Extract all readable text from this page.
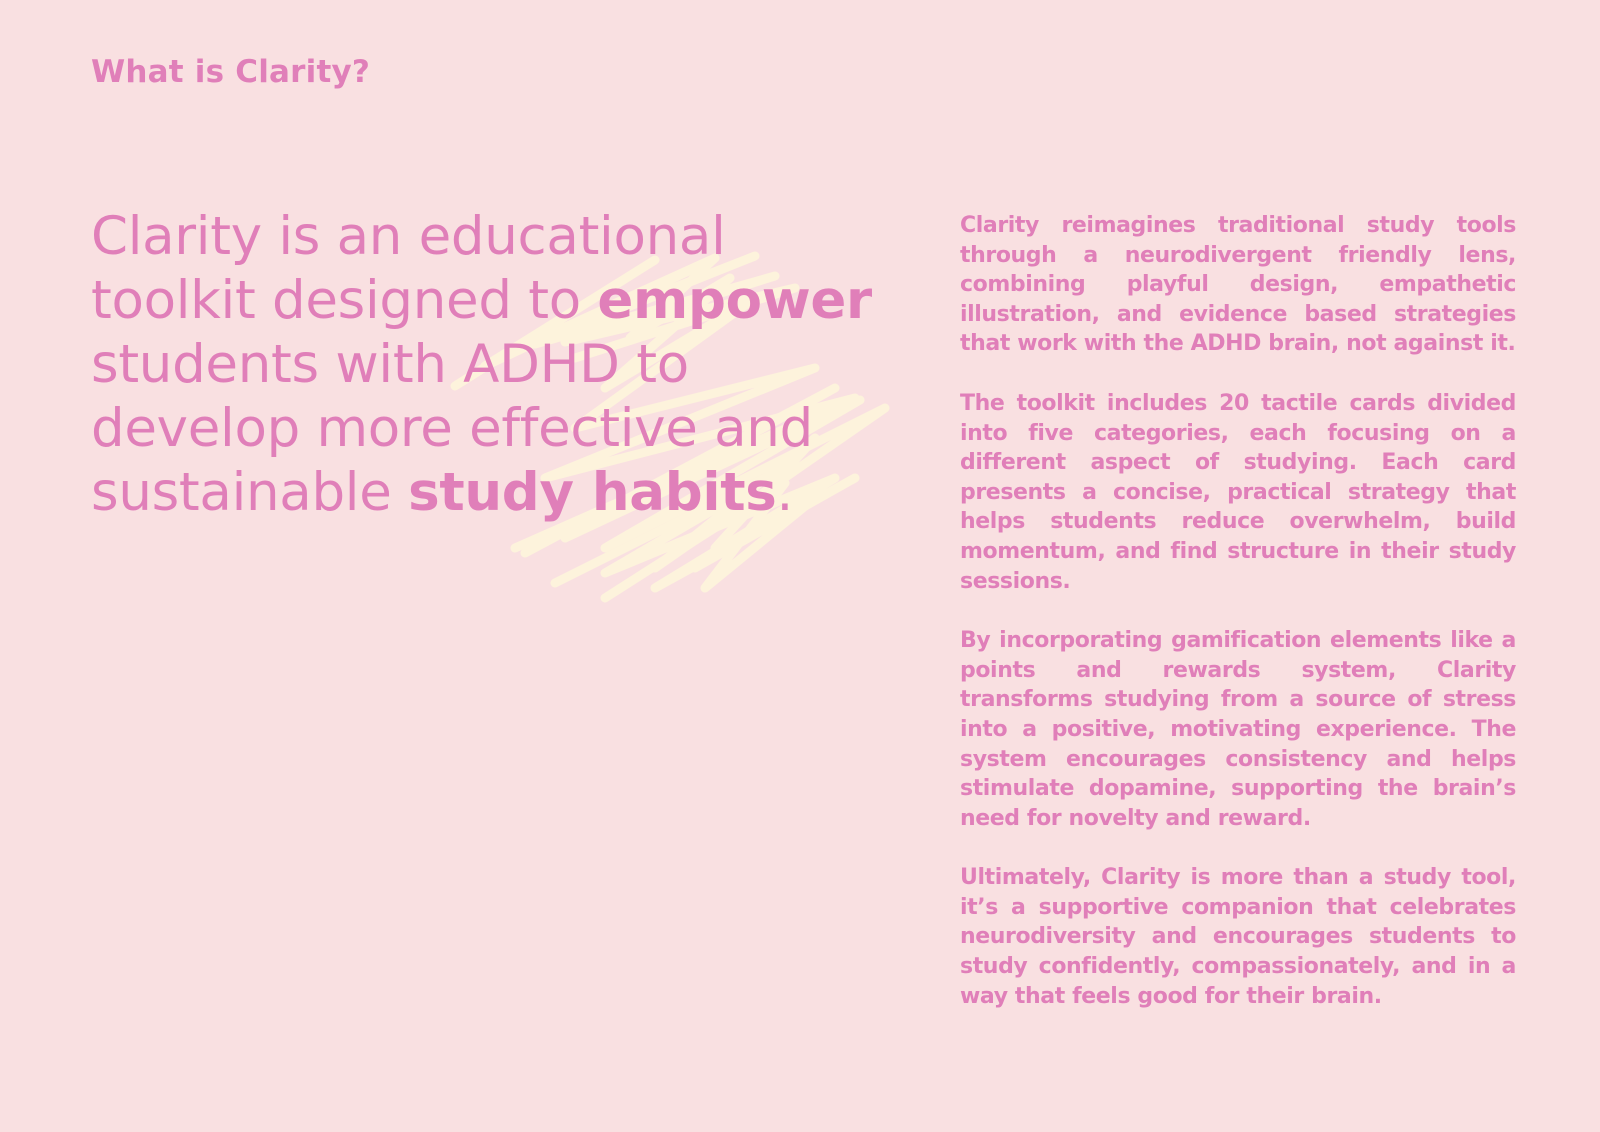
What is Clarity?

Clarity is an educational toolkit designed to empower students with ADHD to develop more effective and sustainable study habits.

Clarity reimagines traditional study tools through a neurodivergent friendly lens, combining playful design, empathetic illustration, and evidence based strategies that work with the ADHD brain, not against it.

The toolkit includes 20 tactile cards divided into five categories, each focusing on a different aspect of studying. Each card presents a concise, practical strategy that helps students reduce overwhelm, build momentum, and find structure in their study sessions.

By incorporating gamification elements like a points and rewards system, Clarity transforms studying from a source of stress into a positive, motivating experience. The system encourages consistency and helps stimulate dopamine, supporting the brain’s need for novelty and reward.

Ultimately, Clarity is more than a study tool, it’s a supportive companion that celebrates neurodiversity and encourages students to study confidently, compassionately, and in a way that feels good for their brain.
